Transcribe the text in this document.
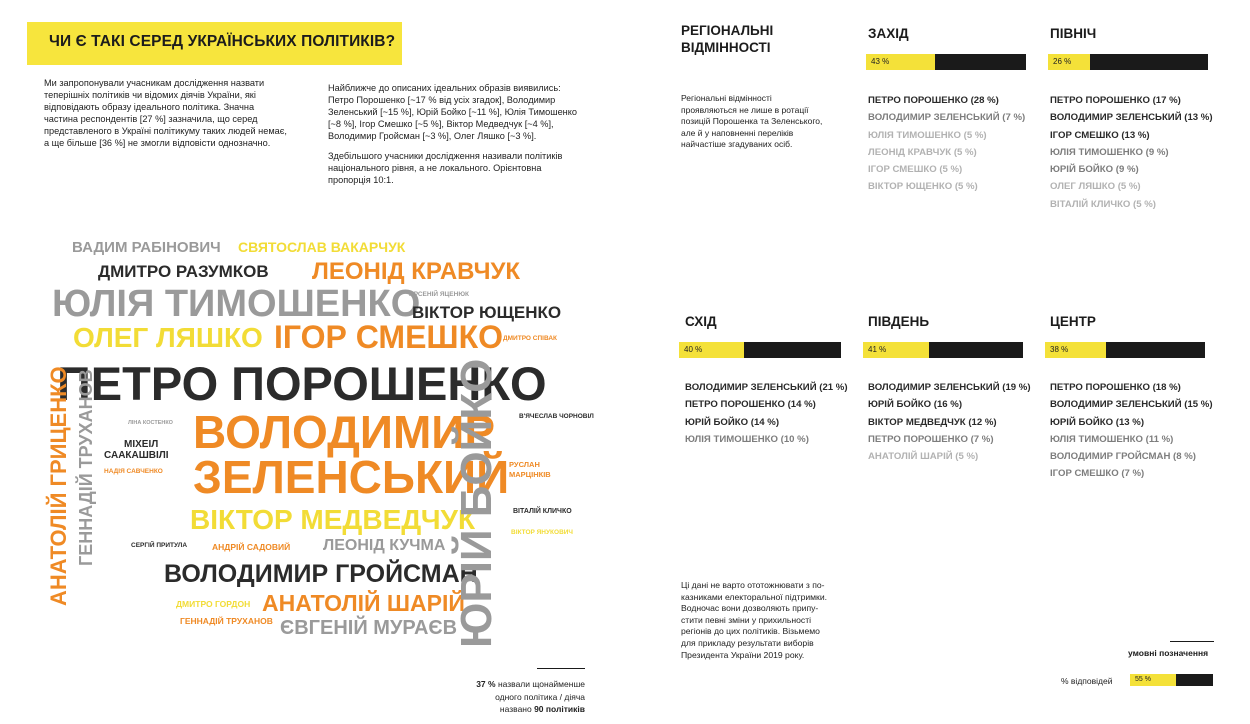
ЧИ Є ТАКІ СЕРЕД УКРАЇНСЬКИХ ПОЛІТИКІВ?
Ми запропонували учасникам дослідження назвати
теперішніх політиків чи відомих діячів України, які
відповідають образу ідеального політика. Значна
частина респондентів [27 %] зазначила, що серед
представленого в Україні політикуму таких людей немає,
а ще більше [36 %] не змогли відповісти однозначно.
Найближче до описаних ідеальних образів виявились:
Петро Порошенко [~17 % від усіх згадок], Володимир
Зеленський [~15 %], Юрій Бойко [~11 %], Юлія Тимошенко
[~8 %], Ігор Смешко [~5 %], Віктор Медведчук [~4 %],
Володимир Гройсман [~3 %], Олег Ляшко [~3 %].
Здебільшого учасники дослідження називали політиків
національного рівня, а не локального. Орієнтовна
пропорція 10:1.
ВАДИМ РАБІНОВИЧ СВЯТОСЛАВ ВАКАРЧУК
ДМИТРО РАЗУМКОВ ЛЕОНІД КРАВЧУК
ЮЛІЯ ТИМОШЕНКО
АРСЕНІЙ ЯЦЕНЮК
ВІКТОР ЮЩЕНКО
ОЛЕГ ЛЯШКО ІГОР СМЕШКО ДМИТРО СПІВАК
ПЕТРО ПОРОШЕНКО
ЛІНА КОСТЕНКО
МІХЕІЛ
СААКАШВІЛІ
НАДІЯ САВЧЕНКО
ВОЛОДИМИР
ЗЕЛЕНСЬКИЙ
В'ЯЧЕСЛАВ ЧОРНОВІЛ
РУСЛАН
МАРЦІНКІВ
ВІТАЛІЙ КЛИЧКО
ВІКТОР МЕДВЕДЧУК	ВІКТОР ЯНУКОВИЧ
СЕРГІЙ ПРИТУЛА	АНДРІЙ САДОВИЙ ЛЕОНІД КУЧМА
ВОЛОДИМИР ГРОЙСМАН
ДМИТРО ГОРДОН АНАТОЛІЙ ШАРІЙ
ГЕННАДІЙ ТРУХАНОВ ЄВГЕНІЙ МУРАЄВ
АНАТОЛІЙ ГРИЦЕНКО ГЕННАДІЙ ТРУХАНОВ	ЮРІЙ БОЙКО
37 % назвали щонайменше
одного політика / діяча
названо 90 політиків
РЕГІОНАЛЬНІ
ВІДМІННОСТІ
Регіональні відмінності
проявляються не лише в ротації
позицій Порошенка та Зеленського,
але й у наповненні переліків
найчастіше згадуваних осіб.
ЗАХІД
43 %
ПЕТРО ПОРОШЕНКО (28 %)
ВОЛОДИМИР ЗЕЛЕНСЬКИЙ (7 %)
ЮЛІЯ ТИМОШЕНКО (5 %)
ЛЕОНІД КРАВЧУК (5 %)
ІГОР СМЕШКО (5 %)
ВІКТОР ЮЩЕНКО (5 %)
ПІВНІЧ
26 %
ПЕТРО ПОРОШЕНКО (17 %)
ВОЛОДИМИР ЗЕЛЕНСЬКИЙ (13 %)
ІГОР СМЕШКО (13 %)
ЮЛІЯ ТИМОШЕНКО (9 %)
ЮРІЙ БОЙКО (9 %)
ОЛЕГ ЛЯШКО (5 %)
ВІТАЛІЙ КЛИЧКО (5 %)
СХІД
40 %
ВОЛОДИМИР ЗЕЛЕНСЬКИЙ (21 %)
ПЕТРО ПОРОШЕНКО (14 %)
ЮРІЙ БОЙКО (14 %)
ЮЛІЯ ТИМОШЕНКО (10 %)
ПІВДЕНЬ
41 %
ВОЛОДИМИР ЗЕЛЕНСЬКИЙ (19 %)
ЮРІЙ БОЙКО (16 %)
ВІКТОР МЕДВЕДЧУК (12 %)
ПЕТРО ПОРОШЕНКО (7 %)
АНАТОЛІЙ ШАРІЙ (5 %)
ЦЕНТР
38 %
ПЕТРО ПОРОШЕНКО (18 %)
ВОЛОДИМИР ЗЕЛЕНСЬКИЙ (15 %)
ЮРІЙ БОЙКО (13 %)
ЮЛІЯ ТИМОШЕНКО (11 %)
ВОЛОДИМИР ГРОЙСМАН (8 %)
ІГОР СМЕШКО (7 %)
Ці дані не варто ототожнювати з по-
казниками електоральної підтримки.
Водночас вони дозволяють припу-
стити певні зміни у прихильності
регіонів до цих політиків. Візьмемо
для прикладу результати виборів
Президента України 2019 року.	умовні позначення
% відповідей	55 %
